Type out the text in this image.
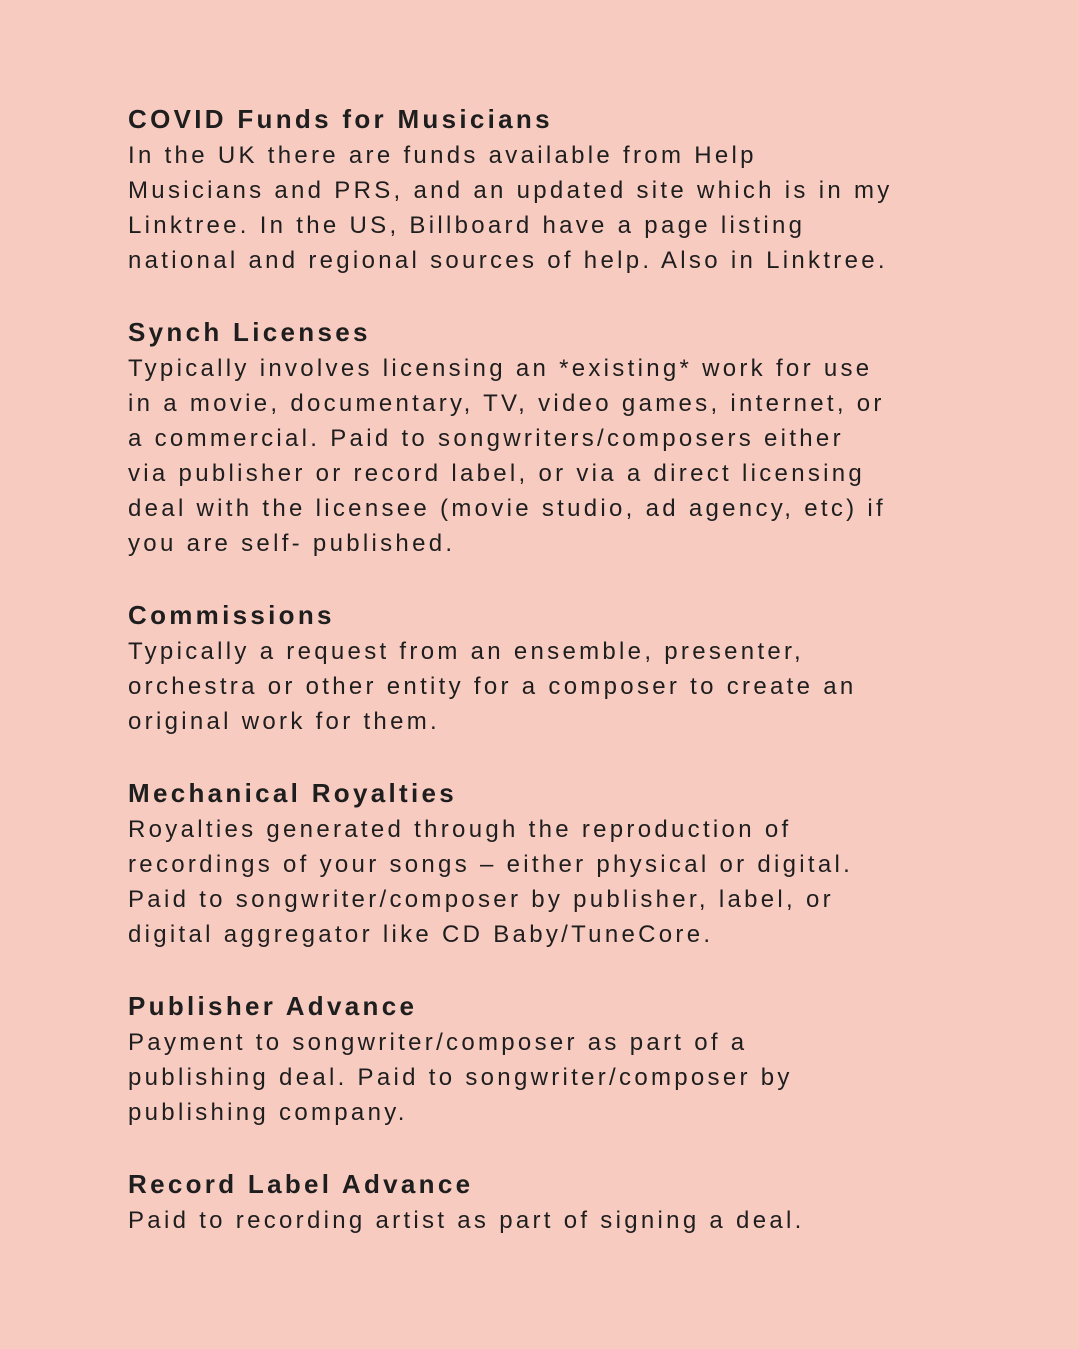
COVID Funds for Musicians
In the UK there are funds available from Help
Musicians and PRS, and an updated site which is in my
Linktree. In the US, Billboard have a page listing
national and regional sources of help. Also in Linktree.
Synch Licenses
Typically involves licensing an *existing* work for use
in a movie, documentary, TV, video games, internet, or
a commercial. Paid to songwriters/composers either
via publisher or record label, or via a direct licensing
deal with the licensee (movie studio, ad agency, etc) if
you are self- published.
Commissions
Typically a request from an ensemble, presenter,
orchestra or other entity for a composer to create an
original work for them.
Mechanical Royalties
Royalties generated through the reproduction of
recordings of your songs – either physical or digital.
Paid to songwriter/composer by publisher, label, or
digital aggregator like CD Baby/TuneCore.
Publisher Advance
Payment to songwriter/composer as part of a
publishing deal. Paid to songwriter/composer by
publishing company.
Record Label Advance
Paid to recording artist as part of signing a deal.
